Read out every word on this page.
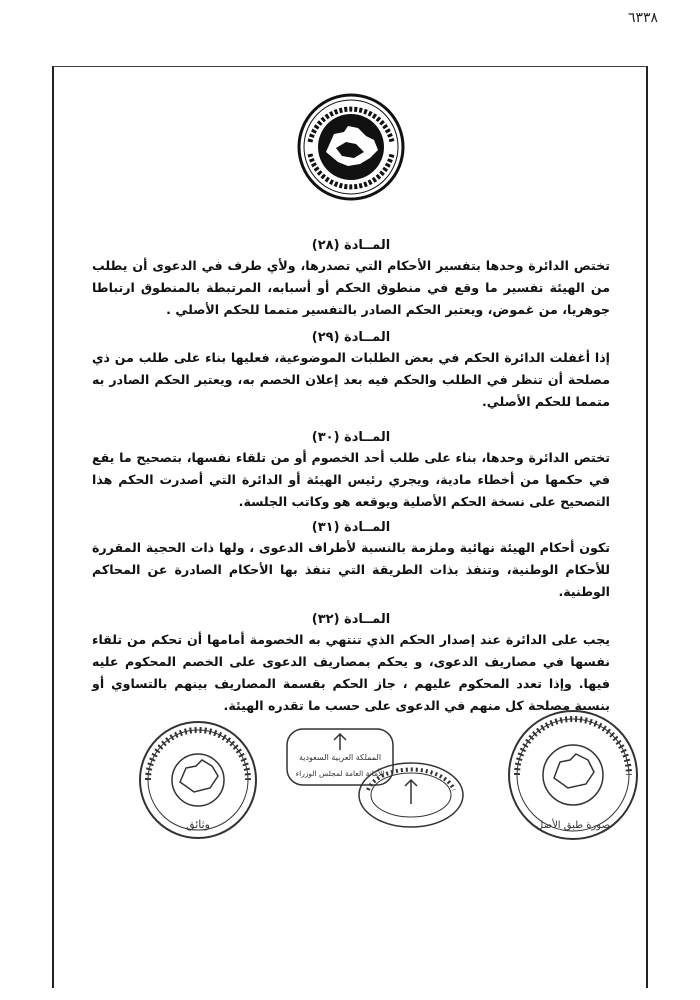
٦٣٣٨
المــادة (٢٨)
تختص الدائرة وحدها بتفسير الأحكام التي تصدرها، ولأي طرف في الدعوى أن يطلب من الهيئة تفسير ما وقع في منطوق الحكم أو أسبابه، المرتبطة بالمنطوق ارتباطا جوهريا، من غموض، ويعتبر الحكم الصادر بالتفسير متمما للحكم الأصلي .
المــادة (٢٩)
إذا أغفلت الدائرة الحكم في بعض الطلبات الموضوعية، فعليها بناء على طلب من ذي مصلحة أن تنظر في الطلب والحكم فيه بعد إعلان الخصم به، ويعتبر الحكم الصادر به متمما للحكم الأصلي.
المــادة (٣٠)
تختص الدائرة وحدها، بناء على طلب أحد الخصوم أو من تلقاء نفسها، بتصحيح ما يقع في حكمها من أخطاء مادية، ويجري رئيس الهيئة أو الدائرة التي أصدرت الحكم هذا التصحيح على نسخة الحكم الأصلية ويوقعه هو وكاتب الجلسة.
المــادة (٣١)
تكون أحكام الهيئة نهائية وملزمة بالنسبة لأطراف الدعوى ، ولها ذات الحجية المقررة للأحكام الوطنية، وتنفذ بذات الطريقة التي تنفذ بها الأحكام الصادرة عن المحاكم الوطنية.
المــادة (٣٢)
يجب على الدائرة عند إصدار الحكم الذي تنتهي به الخصومة أمامها أن تحكم من تلقاء نفسها في مصاريف الدعوى، و يحكم بمصاريف الدعوى على الخصم المحكوم عليه فيها. وإذا تعدد المحكوم عليهم ، جاز الحكم بقسمة المصاريف بينهم بالتساوي أو بنسبة مصلحة كل منهم في الدعوى على حسب ما تقدره الهيئة.
وثائق
المملكة العربية السعودية
الأمانة العامة لمجلس الوزراء
صورة طبق الأصل
